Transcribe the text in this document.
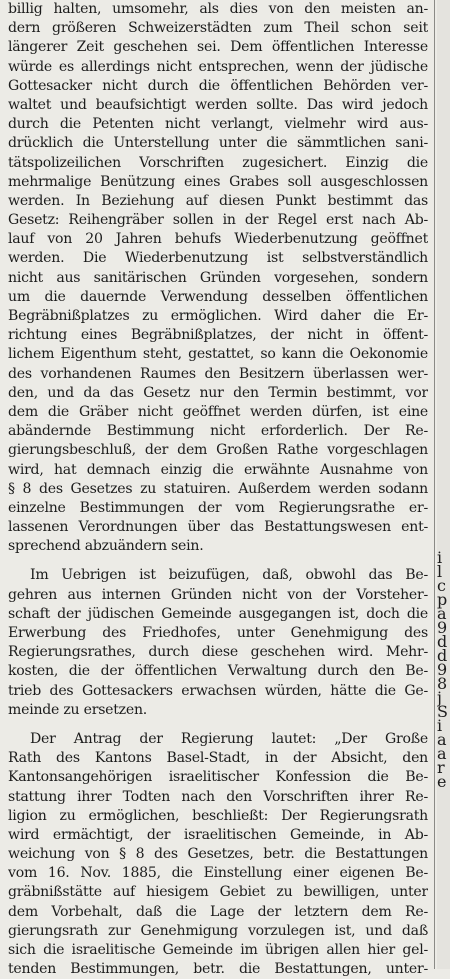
billig halten, umsomehr, als dies von den meisten an-
dern größeren Schweizerstädten zum Theil schon seit
längerer Zeit geschehen sei. Dem öffentlichen Interesse
würde es allerdings nicht entsprechen, wenn der jüdische
Gottesacker nicht durch die öffentlichen Behörden ver-
waltet und beaufsichtigt werden sollte. Das wird jedoch
durch die Petenten nicht verlangt, vielmehr wird aus-
drücklich die Unterstellung unter die sämmtlichen sani-
tätspolizeilichen Vorschriften zugesichert. Einzig die
mehrmalige Benützung eines Grabes soll ausgeschlossen
werden. In Beziehung auf diesen Punkt bestimmt das
Gesetz: Reihengräber sollen in der Regel erst nach Ab-
lauf von 20 Jahren behufs Wiederbenutzung geöffnet
werden. Die Wiederbenutzung ist selbstverständlich
nicht aus sanitärischen Gründen vorgesehen, sondern
um die dauernde Verwendung desselben öffentlichen
Begräbnißplatzes zu ermöglichen. Wird daher die Er-
richtung eines Begräbnißplatzes, der nicht in öffent-
lichem Eigenthum steht, gestattet, so kann die Oekonomie
des vorhandenen Raumes den Besitzern überlassen wer-
den, und da das Gesetz nur den Termin bestimmt, vor
dem die Gräber nicht geöffnet werden dürfen, ist eine
abändernde Bestimmung nicht erforderlich. Der Re-
gierungsbeschluß, der dem Großen Rathe vorgeschlagen
wird, hat demnach einzig die erwähnte Ausnahme von
§ 8 des Gesetzes zu statuiren. Außerdem werden sodann
einzelne Bestimmungen der vom Regierungsrathe er-
lassenen Verordnungen über das Bestattungswesen ent-
sprechend abzuändern sein.
Im Uebrigen ist beizufügen, daß, obwohl das Be-
gehren aus internen Gründen nicht von der Vorsteher-
schaft der jüdischen Gemeinde ausgegangen ist, doch die
Erwerbung des Friedhofes, unter Genehmigung des
Regierungsrathes, durch diese geschehen wird. Mehr-
kosten, die der öffentlichen Verwaltung durch den Be-
trieb des Gottesackers erwachsen würden, hätte die Ge-
meinde zu ersetzen.
Der Antrag der Regierung lautet: „Der Große
Rath des Kantons Basel-Stadt, in der Absicht, den
Kantonsangehörigen israelitischer Konfession die Be-
stattung ihrer Todten nach den Vorschriften ihrer Re-
ligion zu ermöglichen, beschließt: Der Regierungsrath
wird ermächtigt, der israelitischen Gemeinde, in Ab-
weichung von § 8 des Gesetzes, betr. die Bestattungen
vom 16. Nov. 1885, die Einstellung einer eigenen Be-
gräbnißstätte auf hiesigem Gebiet zu bewilligen, unter
dem Vorbehalt, daß die Lage der letztern dem Re-
gierungsrath zur Genehmigung vorzulegen ist, und daß
sich die israelitische Gemeinde im übrigen allen hier gel-
tenden Bestimmungen, betr. die Bestattungen, unter-
i
l
c
p
a
9
d
d
9
8
j
S
i
a
a
r
e
